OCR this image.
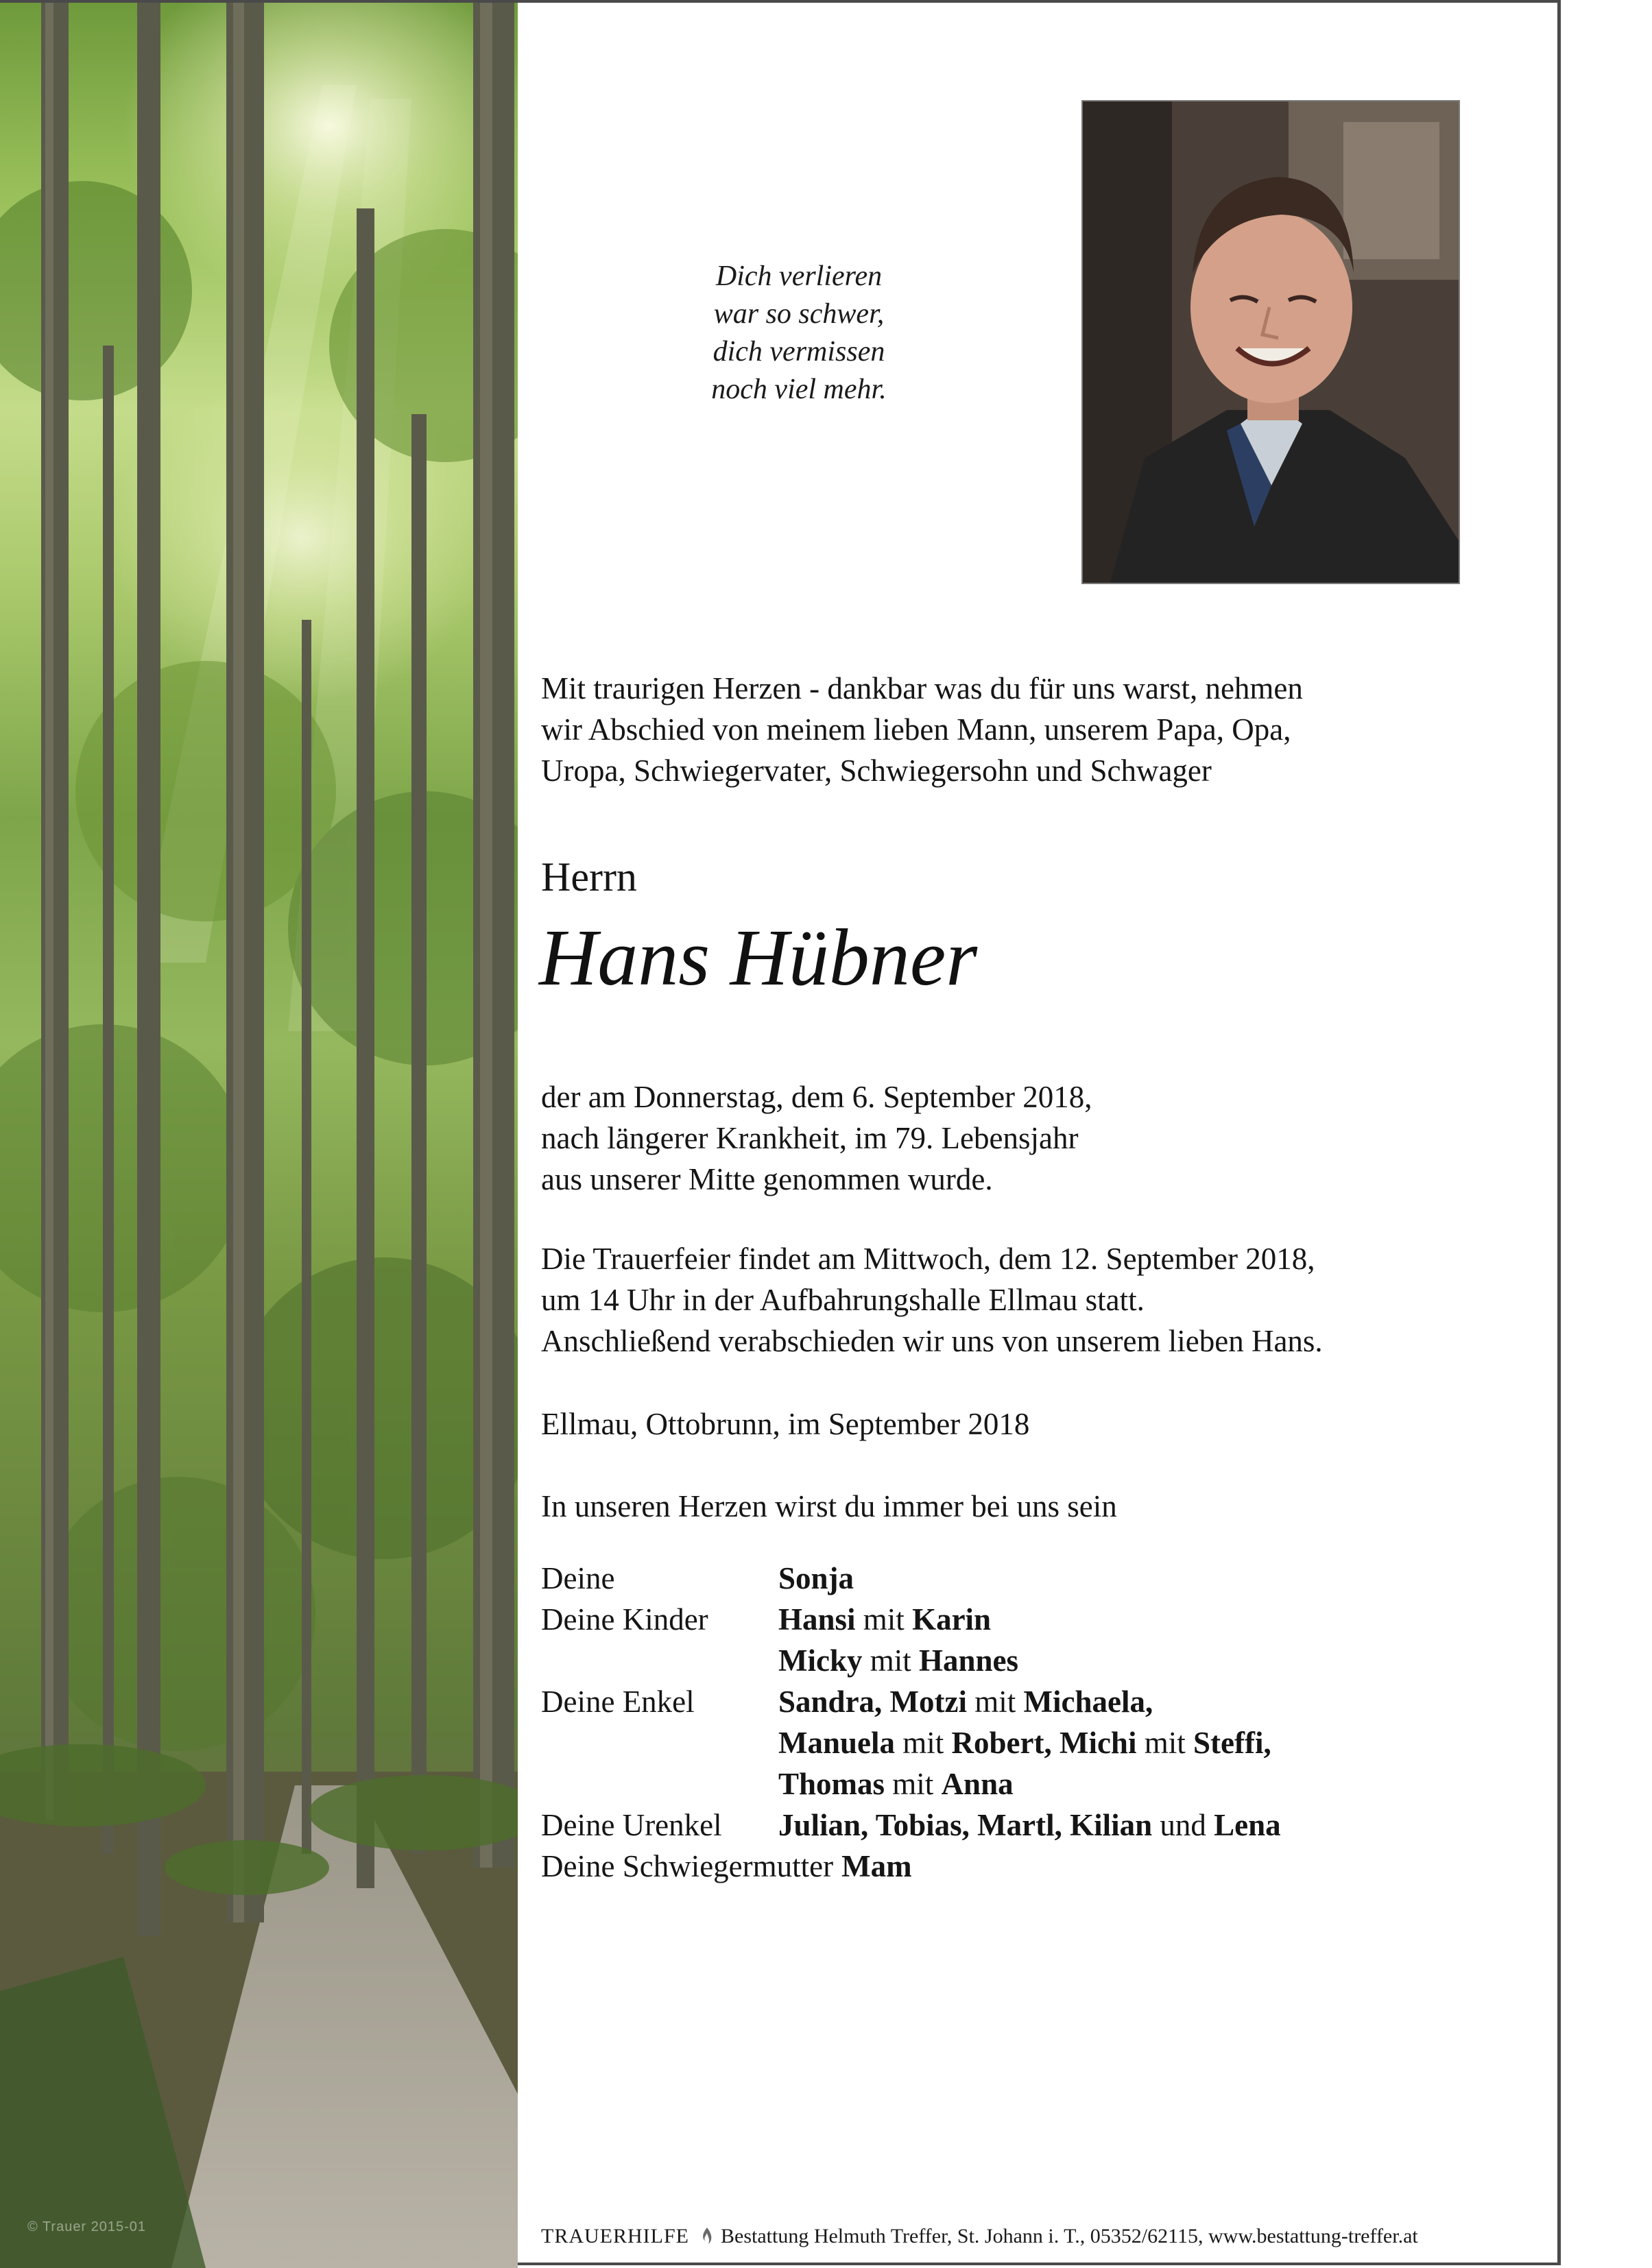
© Trauer 2015-01
Dich verlieren
war so schwer,
dich vermissen
noch viel mehr.
Mit traurigen Herzen - dankbar was du für uns warst, nehmen
wir Abschied von meinem lieben Mann, unserem Papa, Opa,
Uropa, Schwiegervater, Schwiegersohn und Schwager
Herrn
Hans Hübner
der am Donnerstag, dem 6. September 2018,
nach längerer Krankheit, im 79. Lebensjahr
aus unserer Mitte genommen wurde.
Die Trauerfeier findet am Mittwoch, dem 12. September 2018,
um 14 Uhr in der Aufbahrungshalle Ellmau statt.
Anschließend verabschieden wir uns von unserem lieben Hans.
Ellmau, Ottobrunn, im September 2018
In unseren Herzen wirst du immer bei uns sein
Deine	Sonja
Deine Kinder	Hansi mit Karin
Micky mit Hannes
Deine Enkel	Sandra, Motzi mit Michaela,
Manuela mit Robert, Michi mit Steffi,
Thomas mit Anna
Deine Urenkel	Julian, Tobias, Martl, Kilian und Lena
Deine Schwiegermutter Mam
TRAUERHILFE Bestattung Helmuth Treffer, St. Johann i. T., 05352/62115, www.bestattung-treffer.at
